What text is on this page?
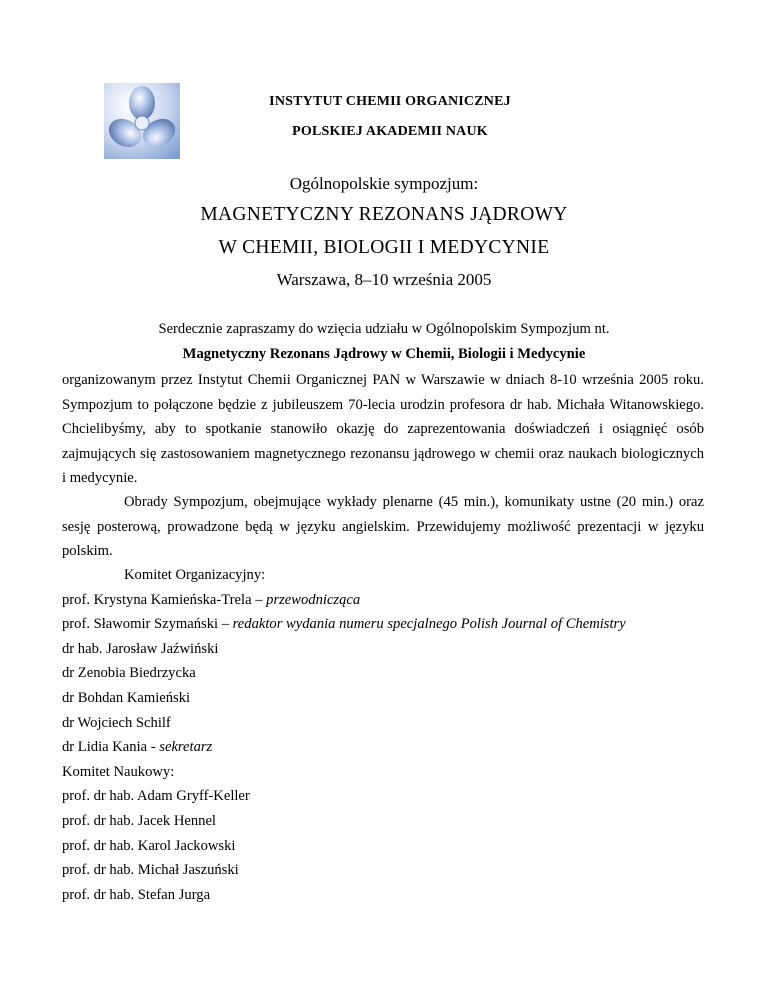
INSTYTUT CHEMII ORGANICZNEJ
POLSKIEJ AKADEMII NAUK
Ogólnopolskie sympozjum:
MAGNETYCZNY REZONANS JĄDROWY
W CHEMII, BIOLOGII I MEDYCYNIE
Warszawa, 8–10 września 2005
Serdecznie zapraszamy do wzięcia udziału w Ogólnopolskim Sympozjum nt.
Magnetyczny Rezonans Jądrowy w Chemii, Biologii i Medycynie
organizowanym przez Instytut Chemii Organicznej PAN w Warszawie w dniach 8-10 września 2005 roku. Sympozjum to połączone będzie z jubileuszem 70-lecia urodzin profesora dr hab. Michała Witanowskiego. Chcielibyśmy, aby to spotkanie stanowiło okazję do zaprezentowania doświadczeń i osiągnięć osób zajmujących się zastosowaniem magnetycznego rezonansu jądrowego w chemii oraz naukach biologicznych i medycynie.
Obrady Sympozjum, obejmujące wykłady plenarne (45 min.), komunikaty ustne (20 min.) oraz sesję posterową, prowadzone będą w języku angielskim. Przewidujemy możliwość prezentacji w języku polskim.
Komitet Organizacyjny:
prof. Krystyna Kamieńska-Trela – przewodnicząca
prof. Sławomir Szymański – redaktor wydania numeru specjalnego Polish Journal of Chemistry
dr hab. Jarosław Jaźwiński
dr Zenobia Biedrzycka
dr Bohdan Kamieński
dr Wojciech Schilf
dr Lidia Kania - sekretarz
Komitet Naukowy:
prof. dr hab. Adam Gryff-Keller
prof. dr hab. Jacek Hennel
prof. dr hab. Karol Jackowski
prof. dr hab. Michał Jaszuński
prof. dr hab. Stefan Jurga
